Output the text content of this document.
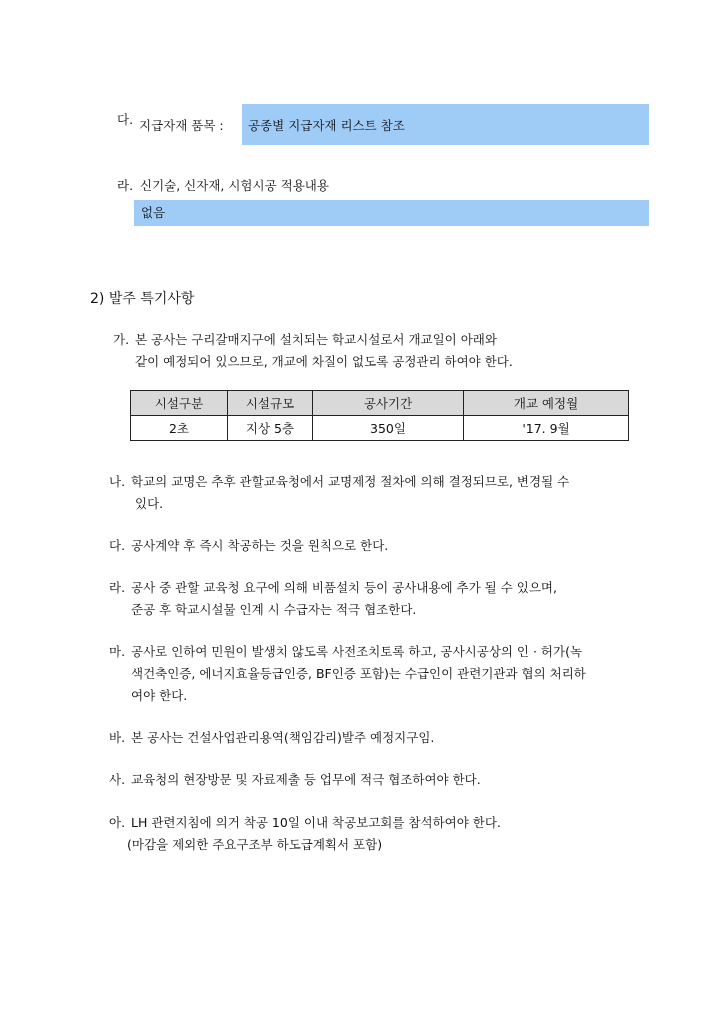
다. 지급자재 품목 : 공종별 지급자재 리스트 참조
라. 신기술, 신자재, 시험시공 적용내용
없음
2) 발주 특기사항
가. 본 공사는 구리갈매지구에 설치되는 학교시설로서 개교일이 아래와
같이 예정되어 있으므로, 개교에 차질이 없도록 공정관리 하여야 한다.
시설구분	시설규모	공사기간	개교 예정월
2초	지상 5층	350일	'17. 9월
나. 학교의 교명은 추후 관할교육청에서 교명제정 절차에 의해 결정되므로, 변경될 수
있다.
다. 공사계약 후 즉시 착공하는 것을 원칙으로 한다.
라. 공사 중 관할 교육청 요구에 의해 비품설치 등이 공사내용에 추가 될 수 있으며,
준공 후 학교시설물 인계 시 수급자는 적극 협조한다.
마. 공사로 인하여 민원이 발생치 않도록 사전조치토록 하고, 공사시공상의 인 · 허가(녹
색건축인증, 에너지효율등급인증, BF인증 포함)는 수급인이 관련기관과 협의 처리하
여야 한다.
바. 본 공사는 건설사업관리용역(책임감리)발주 예정지구임.
사. 교육청의 현장방문 및 자료제출 등 업무에 적극 협조하여야 한다.
아. LH 관련지침에 의거 착공 10일 이내 착공보고회를 참석하여야 한다.
(마감을 제외한 주요구조부 하도급계획서 포함)
